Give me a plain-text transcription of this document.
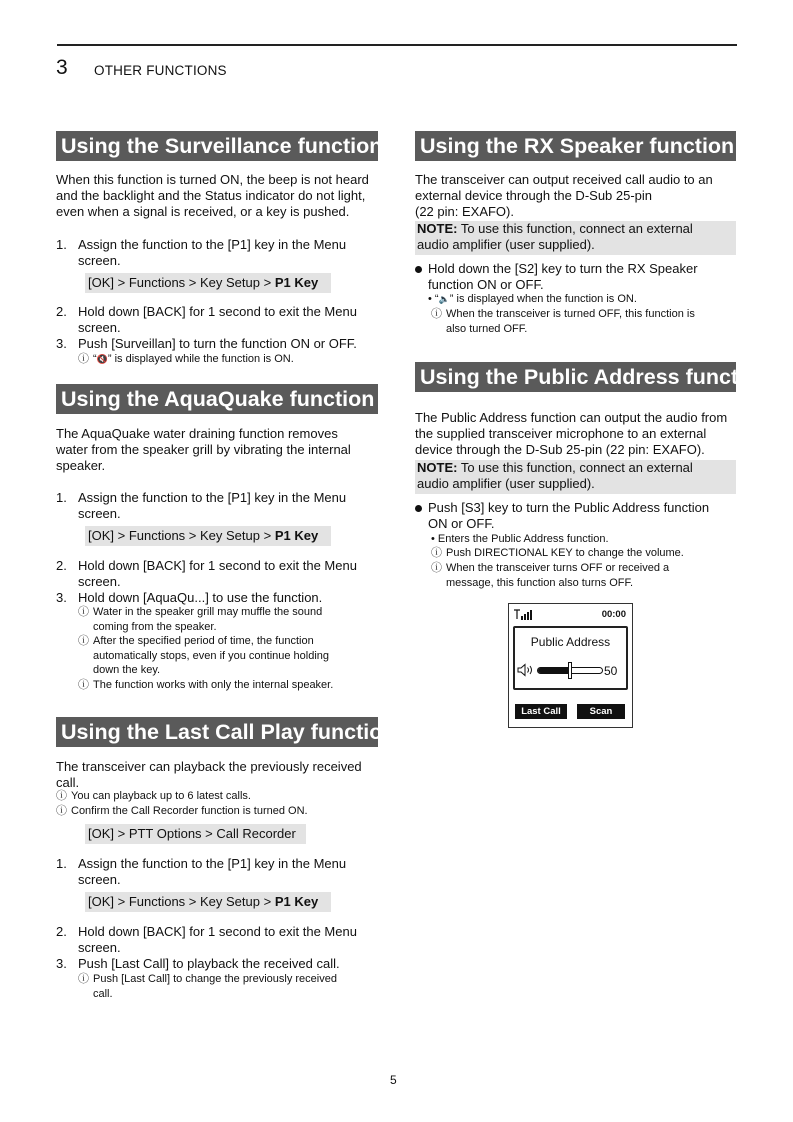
3 OTHER FUNCTIONS
Using the Surveillance function
When this function is turned ON, the beep is not heard
and the backlight and the Status indicator do not light,
even when a signal is received, or a key is pushed.
1. Assign the function to the [P1] key in the Menu
screen.
[OK] > Functions > Key Setup > P1 Key
2. Hold down [BACK] for 1 second to exit the Menu
screen.
3. Push [Surveillan] to turn the function ON or OFF.
ⓘ “🔇” is displayed while the function is ON.
Using the AquaQuake function
The AquaQuake water draining function removes
water from the speaker grill by vibrating the internal
speaker.
1. Assign the function to the [P1] key in the Menu
screen.
[OK] > Functions > Key Setup > P1 Key
2. Hold down [BACK] for 1 second to exit the Menu
screen.
3. Hold down [AquaQu...] to use the function.
ⓘ Water in the speaker grill may muffle the sound
coming from the speaker.
ⓘ After the specified period of time, the function
automatically stops, even if you continue holding
down the key.
ⓘ The function works with only the internal speaker.
Using the Last Call Play function
The transceiver can playback the previously received
call.
ⓘ You can playback up to 6 latest calls.
ⓘ Confirm the Call Recorder function is turned ON.
[OK] > PTT Options > Call Recorder
1. Assign the function to the [P1] key in the Menu
screen.
[OK] > Functions > Key Setup > P1 Key
2. Hold down [BACK] for 1 second to exit the Menu
screen.
3. Push [Last Call] to playback the received call.
ⓘ Push [Last Call] to change the previously received
call.
Using the RX Speaker function
The transceiver can output received call audio to an
external device through the D-Sub 25-pin
(22 pin: EXAFO).
NOTE: To use this function, connect an external
audio amplifier (user supplied).
Hold down the [S2] key to turn the RX Speaker
function ON or OFF.
• “🔈” is displayed when the function is ON.
ⓘ When the transceiver is turned OFF, this function is
also turned OFF.
Using the Public Address function
The Public Address function can output the audio from
the supplied transceiver microphone to an external
device through the D-Sub 25-pin (22 pin: EXAFO).
NOTE: To use this function, connect an external
audio amplifier (user supplied).
Push [S3] key to turn the Public Address function
ON or OFF.
• Enters the Public Address function.
ⓘ Push DIRECTIONAL KEY to change the volume.
ⓘ When the transceiver turns OFF or received a
message, this function also turns OFF.
00:00
Public Address
50
Last Call	Scan
5
